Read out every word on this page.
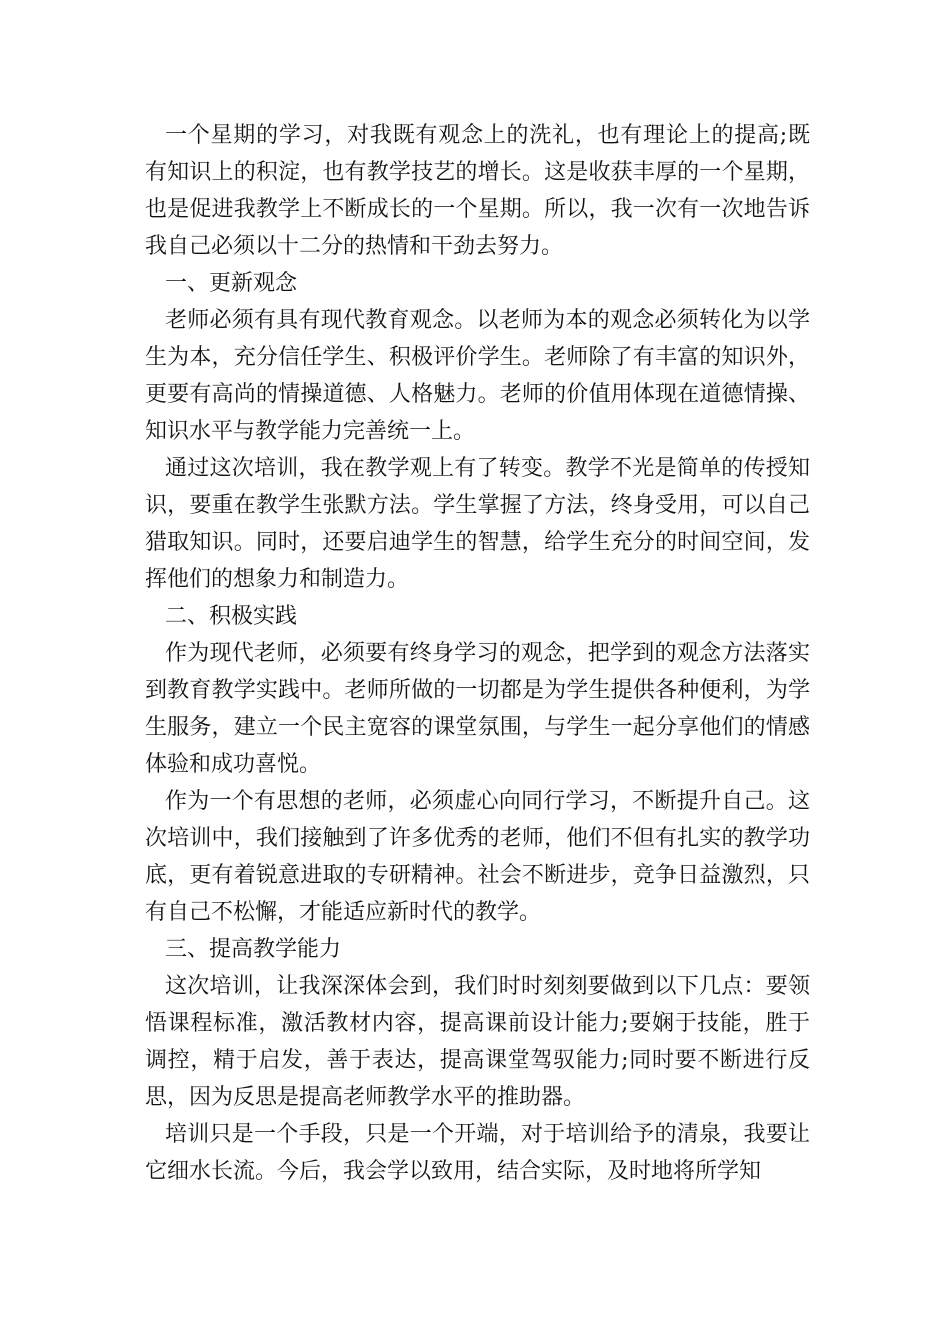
一个星期的学习，对我既有观念上的洗礼，也有理论上的提高;既有知识上的积淀，也有教学技艺的增长。这是收获丰厚的一个星期，也是促进我教学上不断成长的一个星期。所以，我一次有一次地告诉我自己必须以十二分的热情和干劲去努力。

一、更新观念

老师必须有具有现代教育观念。以老师为本的观念必须转化为以学生为本，充分信任学生、积极评价学生。老师除了有丰富的知识外，更要有高尚的情操道德、人格魅力。老师的价值用体现在道德情操、知识水平与教学能力完善统一上。

通过这次培训，我在教学观上有了转变。教学不光是简单的传授知识，要重在教学生张默方法。学生掌握了方法，终身受用，可以自己猎取知识。同时，还要启迪学生的智慧，给学生充分的时间空间，发挥他们的想象力和制造力。

二、积极实践

作为现代老师，必须要有终身学习的观念，把学到的观念方法落实到教育教学实践中。老师所做的一切都是为学生提供各种便利，为学生服务，建立一个民主宽容的课堂氛围，与学生一起分享他们的情感体验和成功喜悦。

作为一个有思想的老师，必须虚心向同行学习，不断提升自己。这次培训中，我们接触到了许多优秀的老师，他们不但有扎实的教学功底，更有着锐意进取的专研精神。社会不断进步，竞争日益激烈，只有自己不松懈，才能适应新时代的教学。

三、提高教学能力

这次培训，让我深深体会到，我们时时刻刻要做到以下几点：要领悟课程标准，激活教材内容，提高课前设计能力;要娴于技能，胜于调控，精于启发，善于表达，提高课堂驾驭能力;同时要不断进行反思，因为反思是提高老师教学水平的推助器。

培训只是一个手段，只是一个开端，对于培训给予的清泉，我要让它细水长流。今后，我会学以致用，结合实际，及时地将所学知
